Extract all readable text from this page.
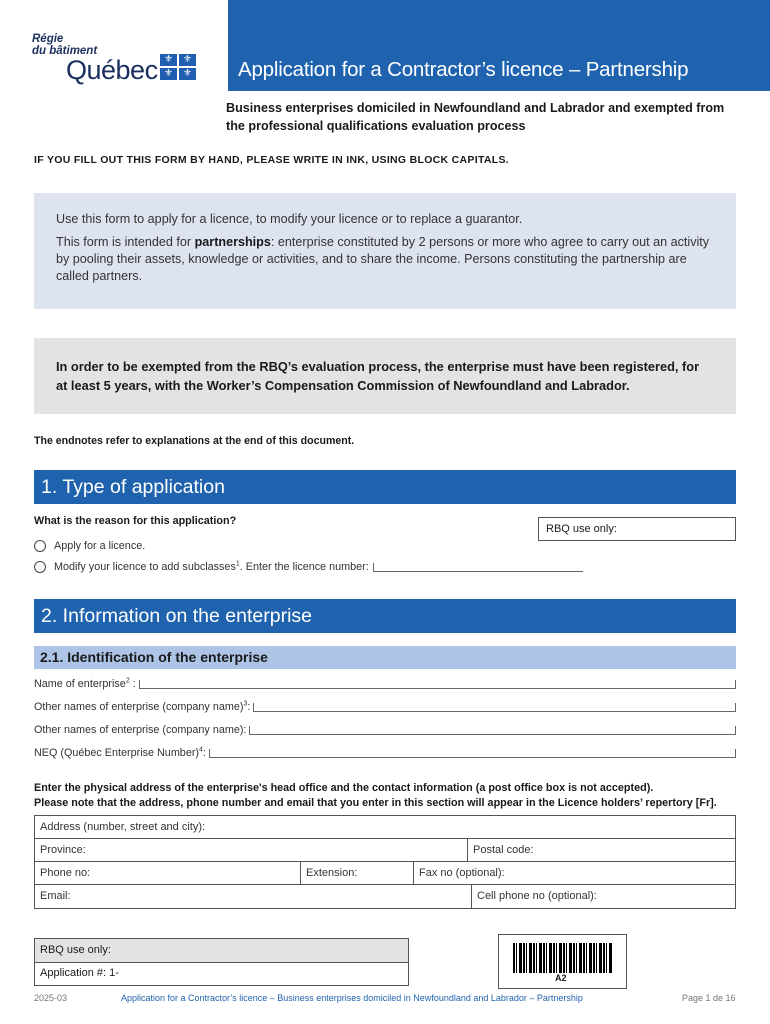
Régie
du bâtiment
Québec ⚜	⚜
⚜	⚜ Application for a Contractor’s licence – Partnership
Business enterprises domiciled in Newfoundland and Labrador and exempted from the professional qualifications evaluation process
IF YOU FILL OUT THIS FORM BY HAND, PLEASE WRITE IN INK, USING BLOCK CAPITALS.

Use this form to apply for a licence, to modify your licence or to replace a guarantor.

This form is intended for partnerships: enterprise constituted by 2 persons or more who agree to carry out an activity by pooling their assets, knowledge or activities, and to share the income. Persons constituting the partnership are called partners.

In order to be exempted from the RBQ’s evaluation process, the enterprise must have been registered, for at least 5 years, with the Worker’s Compensation Commission of Newfoundland and Labrador.
The endnotes refer to explanations at the end of this document.
1. Type of application
What is the reason for this application?
RBQ use only:
Apply for a licence.
Modify your licence to add subclasses$^1$. Enter the licence number:
2. Information on the enterprise
2.1. Identification of the enterprise
Name of enterprise$^2$ :
Other names of enterprise (company name)$^3$:
Other names of enterprise (company name):
NEQ (Québec Enterprise Number)$^4$:
Enter the physical address of the enterprise's head office and the contact information (a post office box is not accepted).
Please note that the address, phone number and email that you enter in this section will appear in the Licence holders’ repertory [Fr].
Address (number, street and city):
Province:	Postal code:
Phone no:	Extension:	Fax no (optional):
Email:	Cell phone no (optional):
RBQ use only:
Application #: 1-	A2
2025-03	Application for a Contractor’s licence – Business enterprises domiciled in Newfoundland and Labrador – Partnership	Page 1 de 16
